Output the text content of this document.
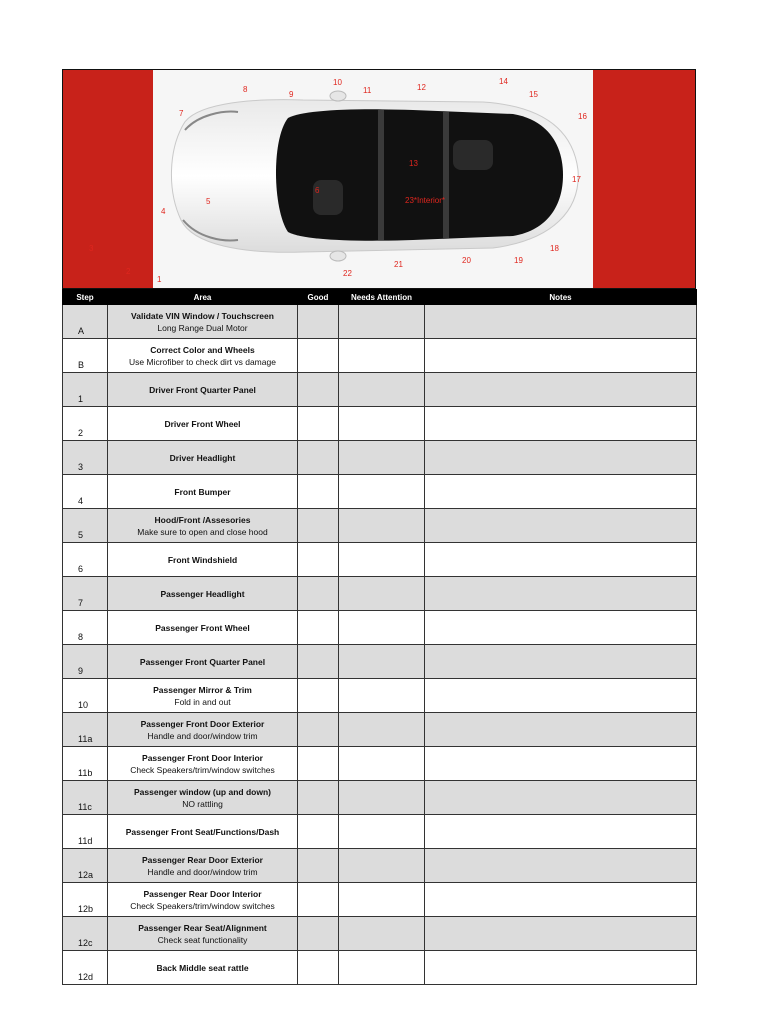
1
2
3
4
5
6
7
8
9
10
11	12
13
14
15
16
17
18
19
20
21
22
23*Interior*
Step	Area	Good	Needs Attention	Notes
A	Validate VIN Window / Touchscreen
Long Range Dual Motor			

B	Correct Color and Wheels
Use Microfiber to check dirt vs damage			

1	Driver Front Quarter Panel			

2	Driver Front Wheel			

3	Driver Headlight			

4	Front Bumper			

5	Hood/Front /Assesories
Make sure to open and close hood			

6	Front Windshield			

7	Passenger Headlight			

8	Passenger Front Wheel			

9	Passenger Front Quarter Panel			

10	Passenger Mirror & Trim
Fold in and out			

11a	Passenger Front Door Exterior
Handle and door/window trim			

11b	Passenger Front Door Interior
Check Speakers/trim/window switches			

11c	Passenger window (up and down)
NO rattling			

11d	Passenger Front Seat/Functions/Dash			

12a	Passenger Rear Door Exterior
Handle and door/window trim			

12b	Passenger Rear Door Interior
Check Speakers/trim/window switches			

12c	Passenger Rear Seat/Alignment
Check seat functionality			

12d	Back Middle seat rattle			
